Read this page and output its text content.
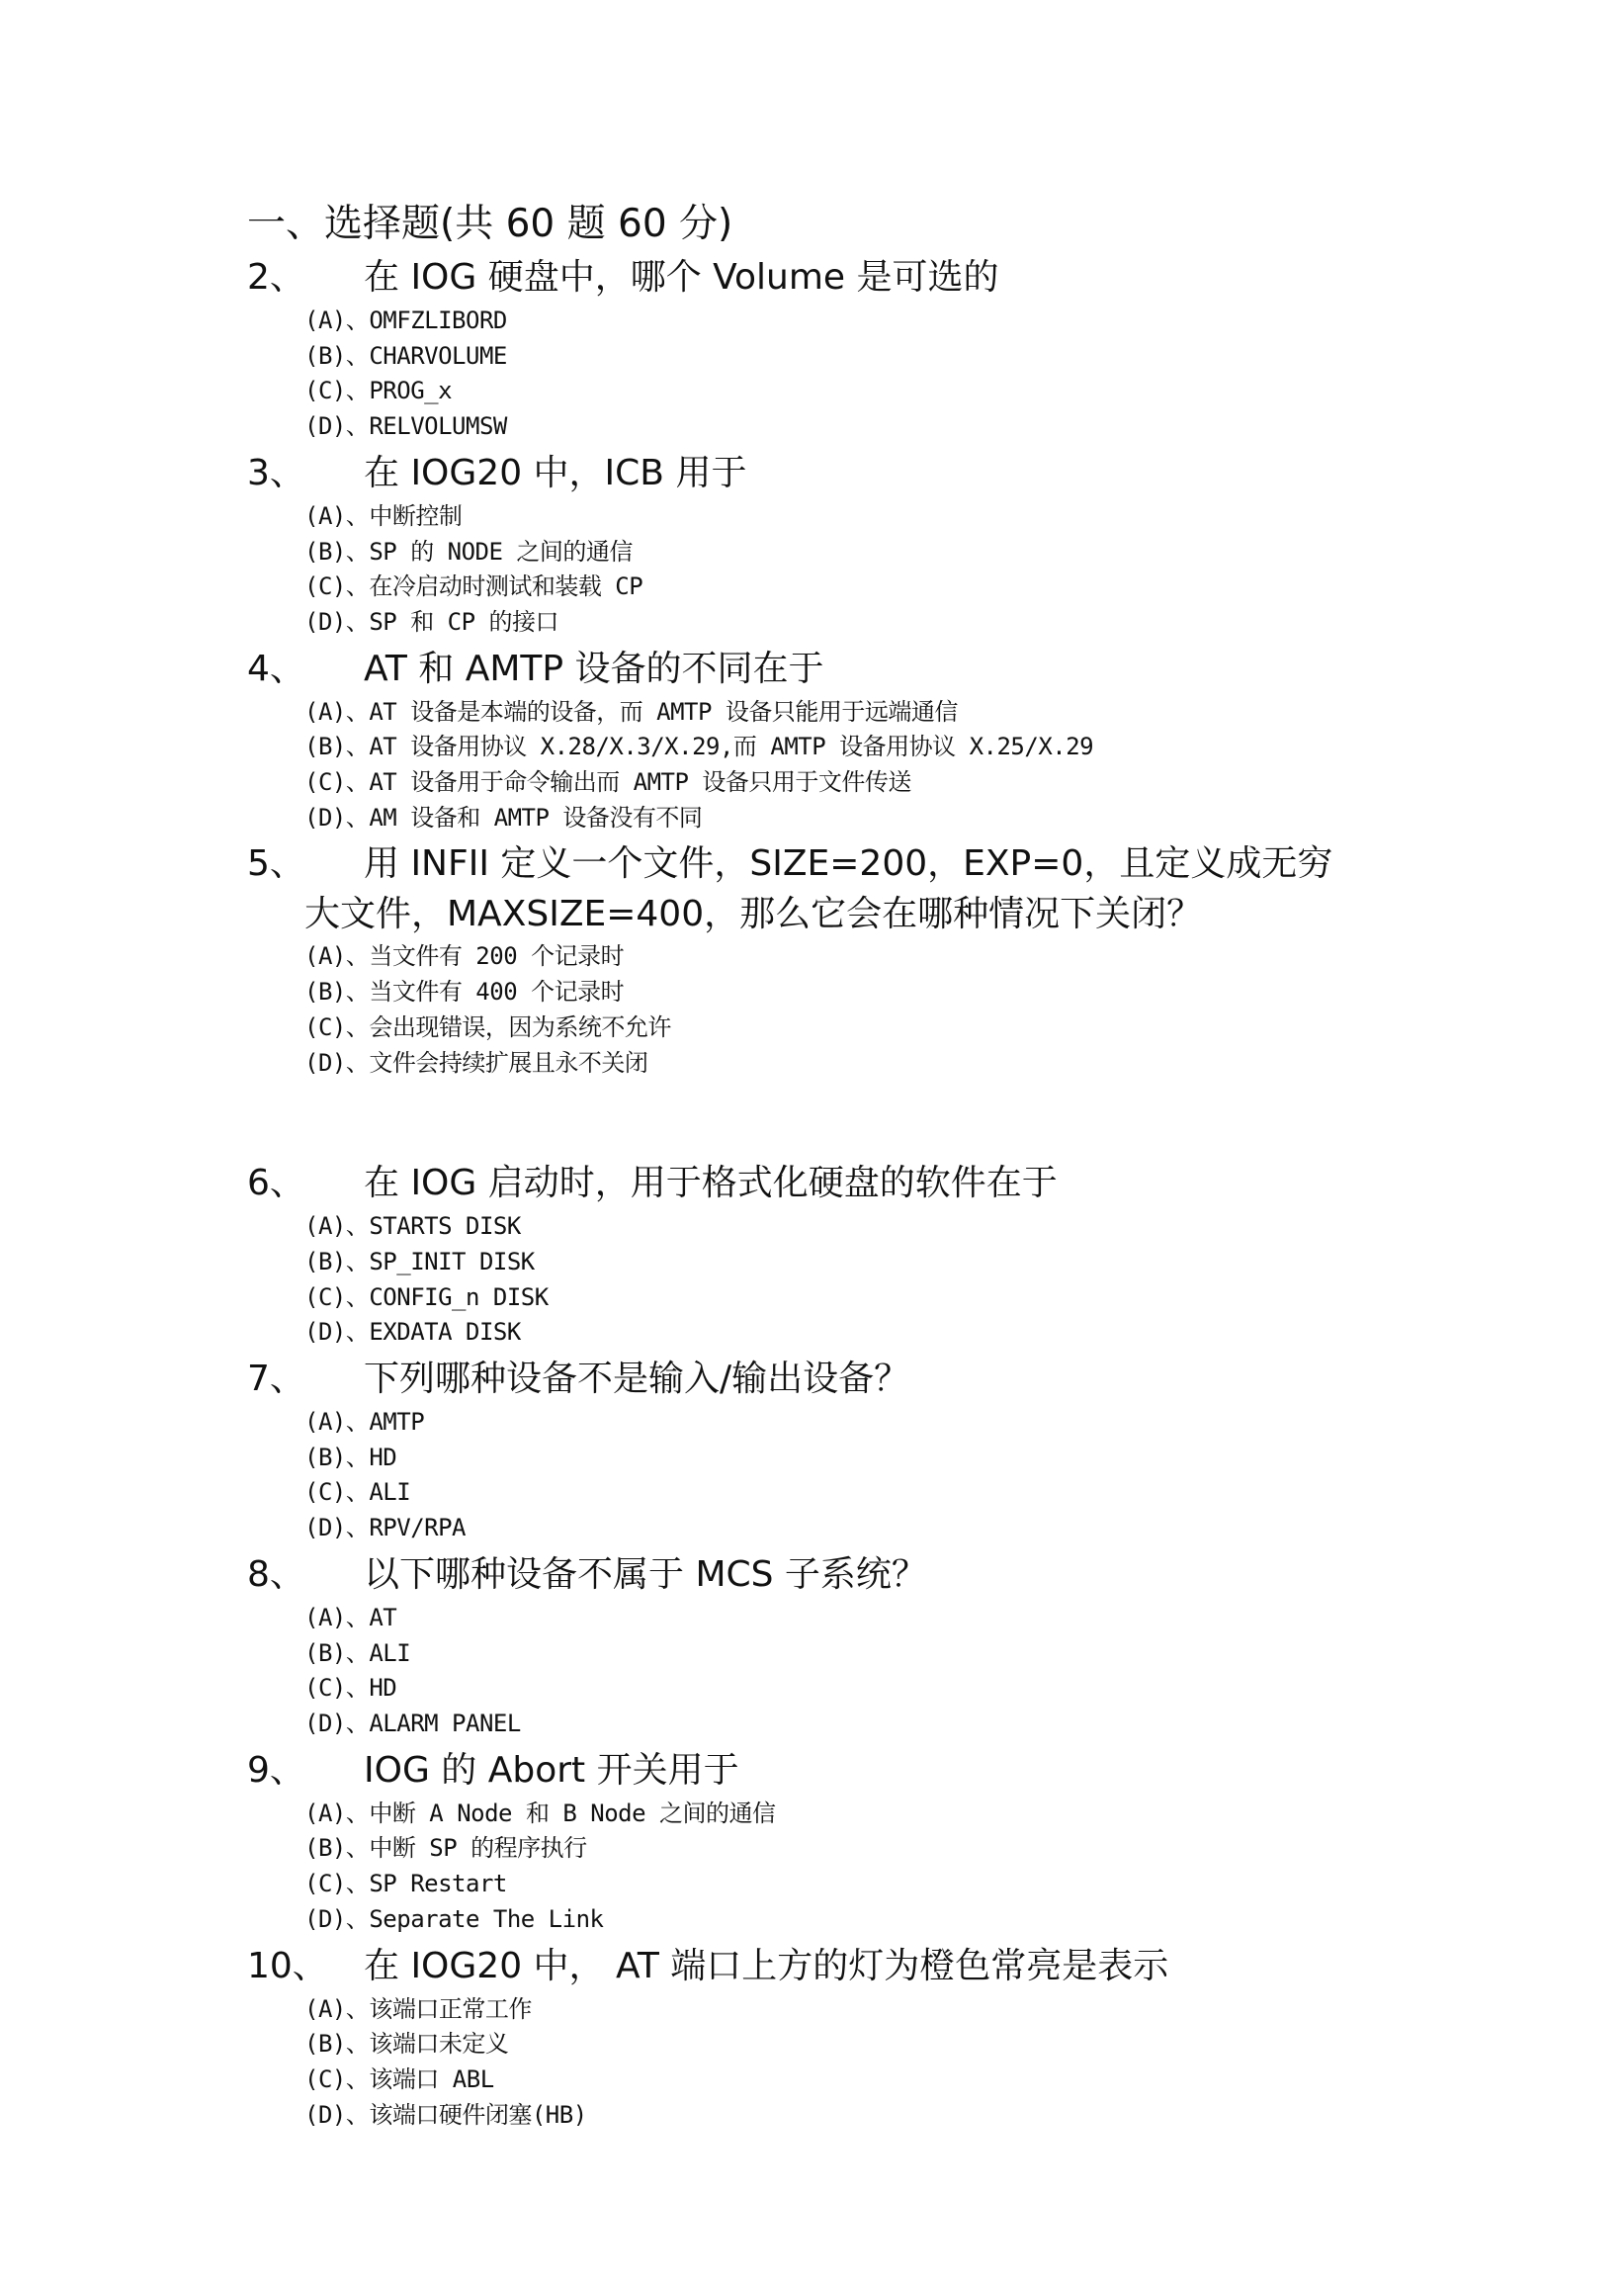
一、选择题(共 60 题 60 分)
2、	在 IOG 硬盘中，哪个 Volume 是可选的
(A)、OMFZLIBORD
(B)、CHARVOLUME
(C)、PROG_x
(D)、RELVOLUMSW
3、	在 IOG20 中，ICB 用于
(A)、中断控制
(B)、SP 的 NODE 之间的通信
(C)、在冷启动时测试和装载 CP
(D)、SP 和 CP 的接口
4、	AT 和 AMTP 设备的不同在于
(A)、AT 设备是本端的设备，而 AMTP 设备只能用于远端通信
(B)、AT 设备用协议 X.28/X.3/X.29,而 AMTP 设备用协议 X.25/X.29
(C)、AT 设备用于命令输出而 AMTP 设备只用于文件传送
(D)、AM 设备和 AMTP 设备没有不同
5、	用 INFII 定义一个文件，SIZE=200，EXP=0，且定义成无穷
大文件，MAXSIZE=400，那么它会在哪种情况下关闭？
(A)、当文件有 200 个记录时
(B)、当文件有 400 个记录时
(C)、会出现错误，因为系统不允许
(D)、文件会持续扩展且永不关闭
6、	在 IOG 启动时，用于格式化硬盘的软件在于
(A)、STARTS DISK
(B)、SP_INIT DISK
(C)、CONFIG_n DISK
(D)、EXDATA DISK
7、	下列哪种设备不是输入/输出设备？
(A)、AMTP
(B)、HD
(C)、ALI
(D)、RPV/RPA
8、	以下哪种设备不属于 MCS 子系统？
(A)、AT
(B)、ALI
(C)、HD
(D)、ALARM PANEL
9、	IOG 的 Abort 开关用于
(A)、中断 A Node 和 B Node 之间的通信
(B)、中断 SP 的程序执行
(C)、SP Restart
(D)、Separate The Link
10、	在 IOG20 中， AT 端口上方的灯为橙色常亮是表示
(A)、该端口正常工作
(B)、该端口未定义
(C)、该端口 ABL
(D)、该端口硬件闭塞(HB)
